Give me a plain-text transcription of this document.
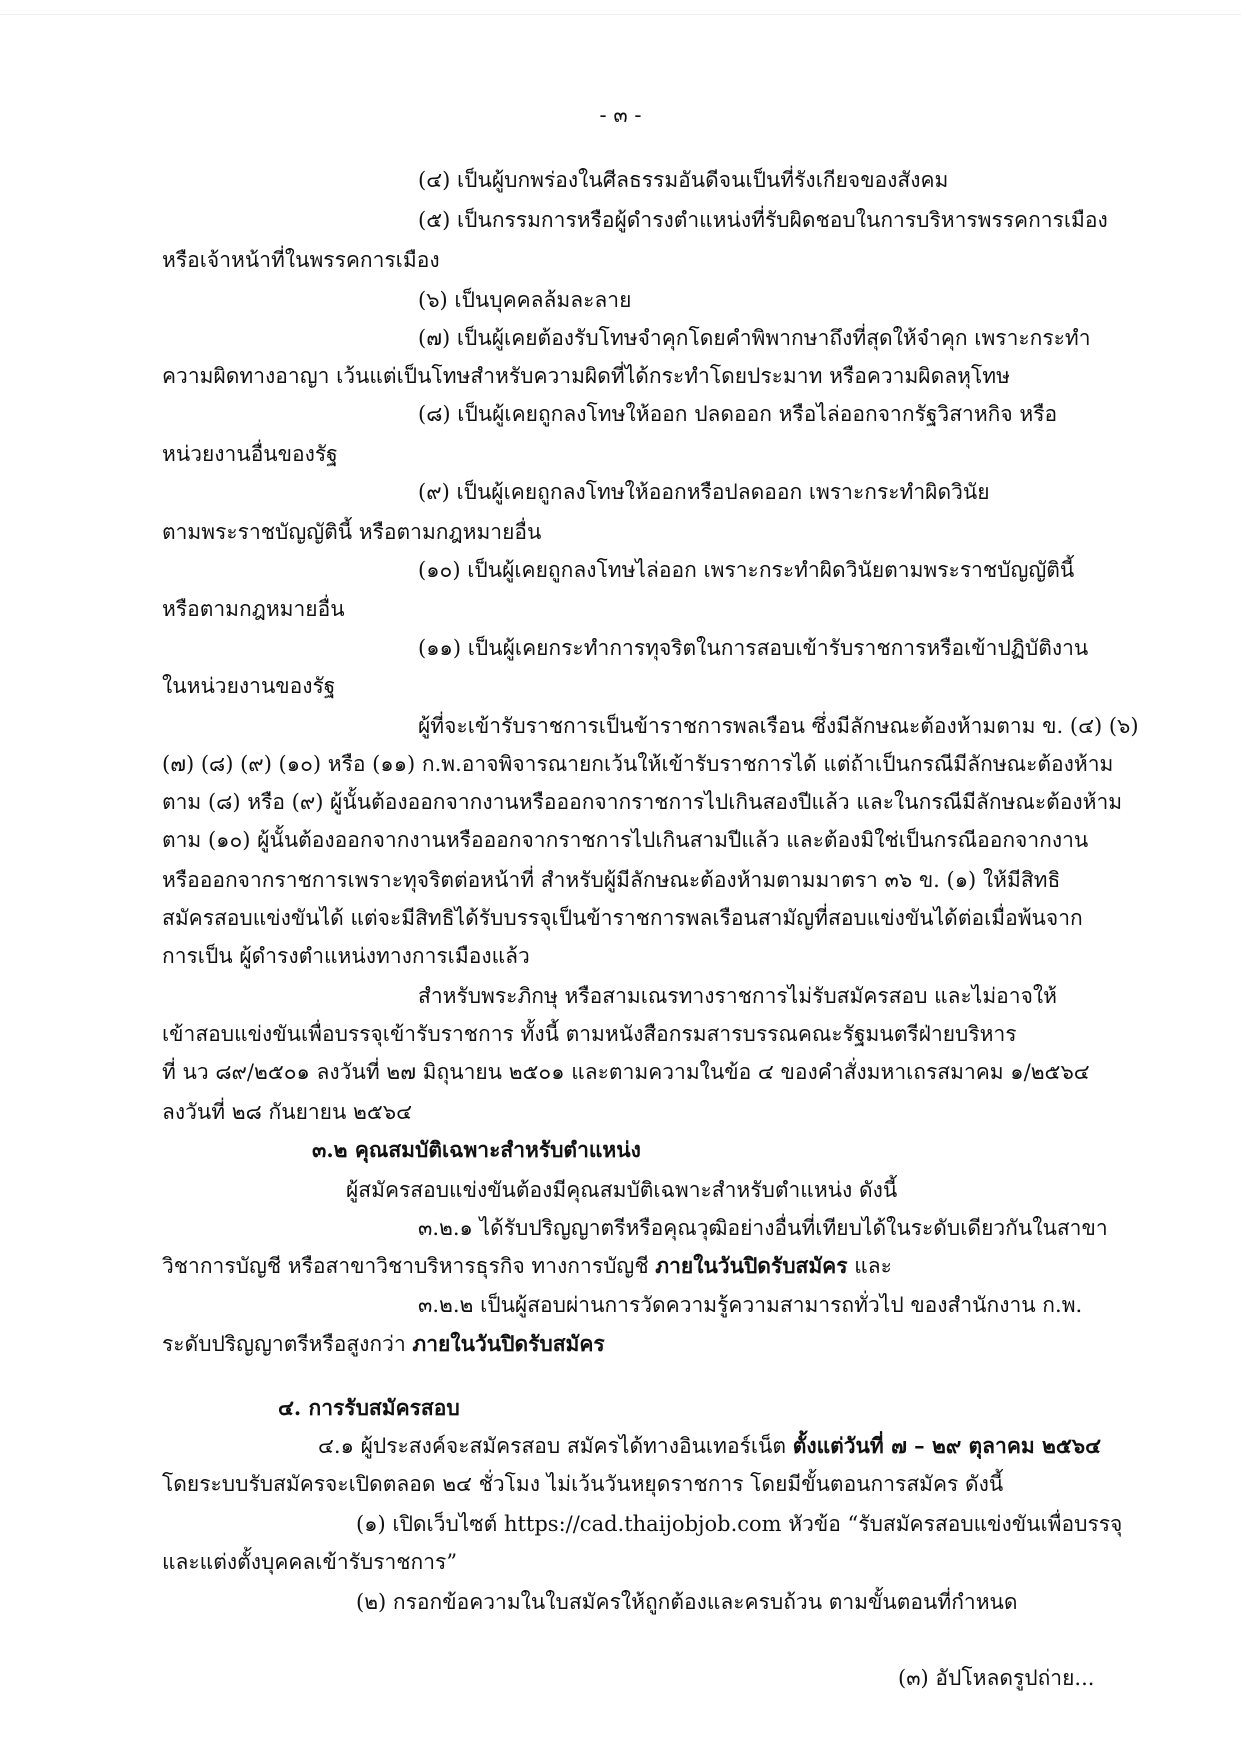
- ๓ -
(๔) เป็นผู้บกพร่องในศีลธรรมอันดีจนเป็นที่รังเกียจของสังคม
(๕) เป็นกรรมการหรือผู้ดำรงตำแหน่งที่รับผิดชอบในการบริหารพรรคการเมือง
หรือเจ้าหน้าที่ในพรรคการเมือง
(๖) เป็นบุคคลล้มละลาย
(๗) เป็นผู้เคยต้องรับโทษจำคุกโดยคำพิพากษาถึงที่สุดให้จำคุก เพราะกระทำ
ความผิดทางอาญา เว้นแต่เป็นโทษสำหรับความผิดที่ได้กระทำโดยประมาท หรือความผิดลหุโทษ
(๘) เป็นผู้เคยถูกลงโทษให้ออก ปลดออก หรือไล่ออกจากรัฐวิสาหกิจ หรือ
หน่วยงานอื่นของรัฐ
(๙) เป็นผู้เคยถูกลงโทษให้ออกหรือปลดออก เพราะกระทำผิดวินัย
ตามพระราชบัญญัตินี้ หรือตามกฎหมายอื่น
(๑๐) เป็นผู้เคยถูกลงโทษไล่ออก เพราะกระทำผิดวินัยตามพระราชบัญญัตินี้
หรือตามกฎหมายอื่น
(๑๑) เป็นผู้เคยกระทำการทุจริตในการสอบเข้ารับราชการหรือเข้าปฏิบัติงาน
ในหน่วยงานของรัฐ
ผู้ที่จะเข้ารับราชการเป็นข้าราชการพลเรือน ซึ่งมีลักษณะต้องห้ามตาม ข. (๔) (๖)
(๗) (๘) (๙) (๑๐) หรือ (๑๑) ก.พ.อาจพิจารณายกเว้นให้เข้ารับราชการได้ แต่ถ้าเป็นกรณีมีลักษณะต้องห้าม
ตาม (๘) หรือ (๙) ผู้นั้นต้องออกจากงานหรือออกจากราชการไปเกินสองปีแล้ว และในกรณีมีลักษณะต้องห้าม
ตาม (๑๐) ผู้นั้นต้องออกจากงานหรือออกจากราชการไปเกินสามปีแล้ว และต้องมิใช่เป็นกรณีออกจากงาน
หรือออกจากราชการเพราะทุจริตต่อหน้าที่ สำหรับผู้มีลักษณะต้องห้ามตามมาตรา ๓๖ ข. (๑) ให้มีสิทธิ
สมัครสอบแข่งขันได้ แต่จะมีสิทธิได้รับบรรจุเป็นข้าราชการพลเรือนสามัญที่สอบแข่งขันได้ต่อเมื่อพ้นจาก
การเป็น ผู้ดำรงตำแหน่งทางการเมืองแล้ว
สำหรับพระภิกษุ หรือสามเณรทางราชการไม่รับสมัครสอบ และไม่อาจให้
เข้าสอบแข่งขันเพื่อบรรจุเข้ารับราชการ ทั้งนี้ ตามหนังสือกรมสารบรรณคณะรัฐมนตรีฝ่ายบริหาร
ที่ นว ๘๙/๒๕๐๑ ลงวันที่ ๒๗ มิถุนายน ๒๕๐๑ และตามความในข้อ ๔ ของคำสั่งมหาเถรสมาคม ๑/๒๕๖๔
ลงวันที่ ๒๘ กันยายน ๒๕๖๔
๓.๒ คุณสมบัติเฉพาะสำหรับตำแหน่ง
ผู้สมัครสอบแข่งขันต้องมีคุณสมบัติเฉพาะสำหรับตำแหน่ง ดังนี้
๓.๒.๑ ได้รับปริญญาตรีหรือคุณวุฒิอย่างอื่นที่เทียบได้ในระดับเดียวกันในสาขา
วิชาการบัญชี หรือสาขาวิชาบริหารธุรกิจ ทางการบัญชี ภายในวันปิดรับสมัคร และ
๓.๒.๒ เป็นผู้สอบผ่านการวัดความรู้ความสามารถทั่วไป ของสำนักงาน ก.พ.
ระดับปริญญาตรีหรือสูงกว่า ภายในวันปิดรับสมัคร
๔. การรับสมัครสอบ
๔.๑ ผู้ประสงค์จะสมัครสอบ สมัครได้ทางอินเทอร์เน็ต ตั้งแต่วันที่ ๗ – ๒๙ ตุลาคม ๒๕๖๔
โดยระบบรับสมัครจะเปิดตลอด ๒๔ ชั่วโมง ไม่เว้นวันหยุดราชการ โดยมีขั้นตอนการสมัคร ดังนี้
(๑) เปิดเว็บไซต์ https://cad.thaijobjob.com หัวข้อ “รับสมัครสอบแข่งขันเพื่อบรรจุ
และแต่งตั้งบุคคลเข้ารับราชการ”
(๒) กรอกข้อความในใบสมัครให้ถูกต้องและครบถ้วน ตามขั้นตอนที่กำหนด
(๓) อัปโหลดรูปถ่าย...
